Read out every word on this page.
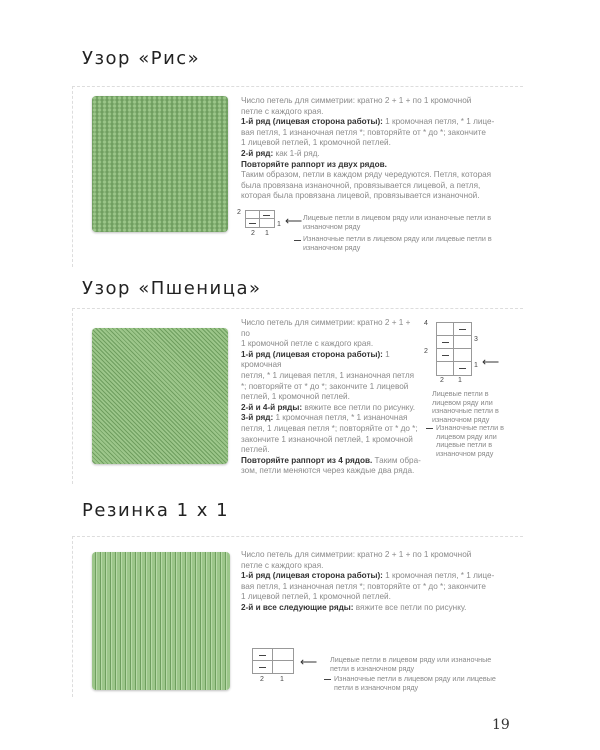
Узор «Рис»
Число петель для симметрии: кратно 2 + 1 + по 1 кромочной
петле с каждого края.
1-й ряд (лицевая сторона работы): 1 кромочная петля, * 1 лице-
вая петля, 1 изнаночная петля *; повторяйте от * до *; закончите
1 лицевой петлей, 1 кромочной петлей.
2-й ряд: как 1-й ряд.
Повторяйте раппорт из двух рядов.
Таким образом, петли в каждом ряду чередуются. Петля, которая
была провязана изнаночной, провязывается лицевой, а петля,
которая была провязана лицевой, провязывается изнаночной.
2
1 ⟵
2 1
Лицевые петли в лицевом ряду или изнаночные петли в изнаночном ряду
Изнаночные петли в лицевом ряду или лицевые петли в изнаночном ряду
Узор «Пшеница»
Число петель для симметрии: кратно 2 + 1 + по
1 кромочной петле с каждого края.
1-й ряд (лицевая сторона работы): 1 кромочная
петля, * 1 лицевая петля, 1 изнаночная петля
*; повторяйте от * до *; закончите 1 лицевой
петлей, 1 кромочной петлей.
2-й и 4-й ряды: вяжите все петли по рисунку.
3-й ряд: 1 кромочная петля, * 1 изнаночная
петля, 1 лицевая петля *; повторяйте от * до *;
закончите 1 изнаночной петлей, 1 кромочной
петлей.
Повторяйте раппорт из 4 рядов. Таким обра-
зом, петли меняются через каждые два ряда.
4
3
2
1 ⟵
2 1
Лицевые петли в лицевом ряду или изнаночные петли в изнаночном ряду
Изнаночные петли в лицевом ряду или лицевые петли в изнаночном ряду
Резинка 1 х 1
Число петель для симметрии: кратно 2 + 1 + по 1 кромочной
петле с каждого края.
1-й ряд (лицевая сторона работы): 1 кромочная петля, * 1 лице-
вая петля, 1 изнаночная петля *; повторяйте от * до *; закончите
1 лицевой петлей, 1 кромочной петлей.
2-й и все следующие ряды: вяжите все петли по рисунку.
⟵
2 1
Лицевые петли в лицевом ряду или изнаночные петли в изнаночном ряду
Изнаночные петли в лицевом ряду или лицевые петли в изнаночном ряду
19
